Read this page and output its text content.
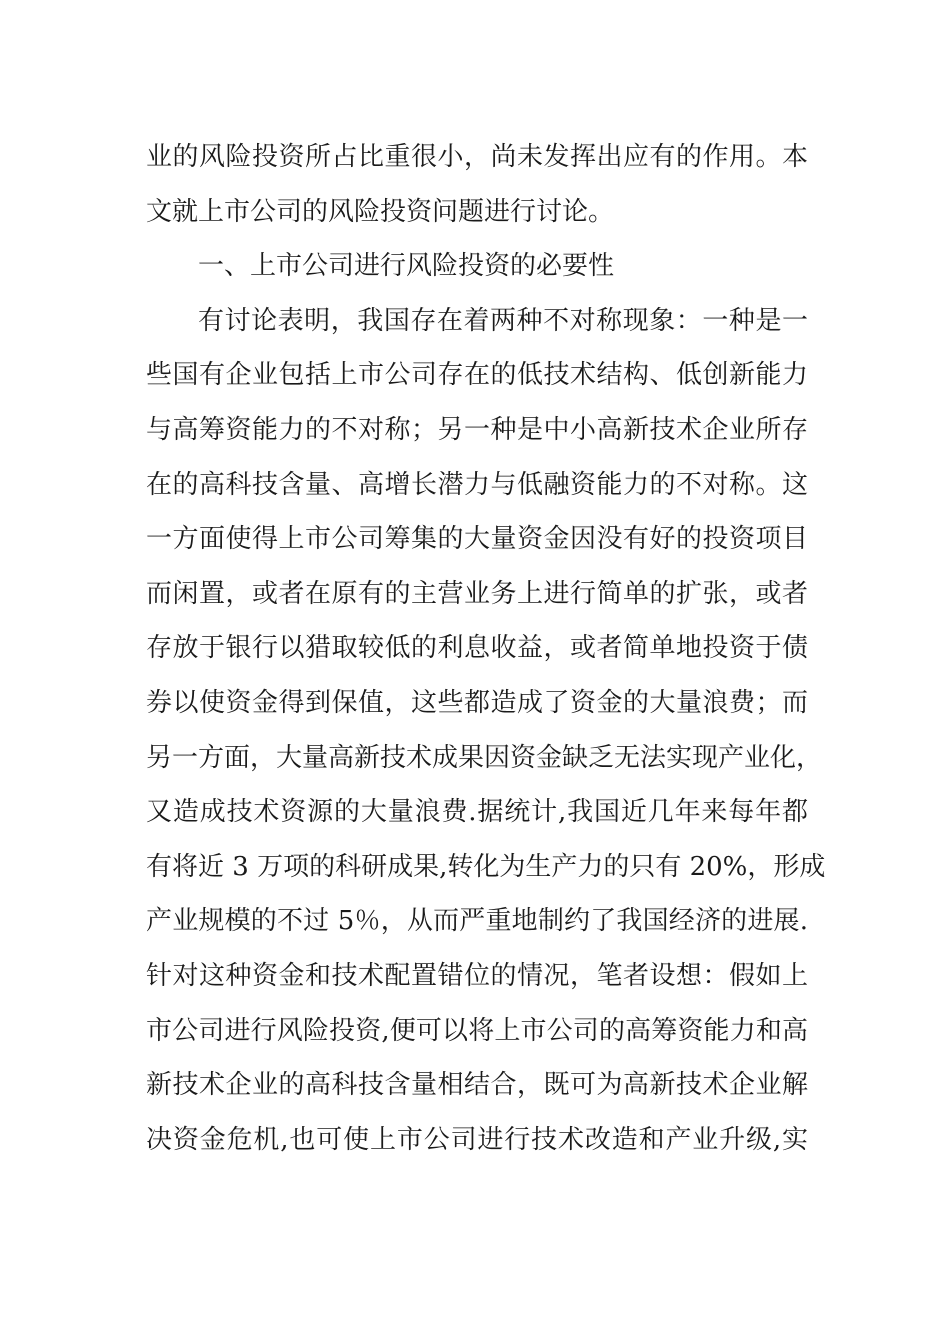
业的风险投资所占比重很小，尚未发挥出应有的作用。本
文就上市公司的风险投资问题进行讨论。
一、上市公司进行风险投资的必要性
有讨论表明，我国存在着两种不对称现象：一种是一
些国有企业包括上市公司存在的低技术结构、低创新能力
与高筹资能力的不对称；另一种是中小高新技术企业所存
在的高科技含量、高增长潜力与低融资能力的不对称。这
一方面使得上市公司筹集的大量资金因没有好的投资项目
而闲置，或者在原有的主营业务上进行简单的扩张，或者
存放于银行以猎取较低的利息收益，或者简单地投资于债
券以使资金得到保值，这些都造成了资金的大量浪费；而
另一方面，大量高新技术成果因资金缺乏无法实现产业化，
又造成技术资源的大量浪费.据统计,我国近几年来每年都
有将近 3 万项的科研成果,转化为生产力的只有 20%，形成
产业规模的不过 5％，从而严重地制约了我国经济的进展.
针对这种资金和技术配置错位的情况，笔者设想：假如上
市公司进行风险投资,便可以将上市公司的高筹资能力和高
新技术企业的高科技含量相结合，既可为高新技术企业解
决资金危机,也可使上市公司进行技术改造和产业升级,实
